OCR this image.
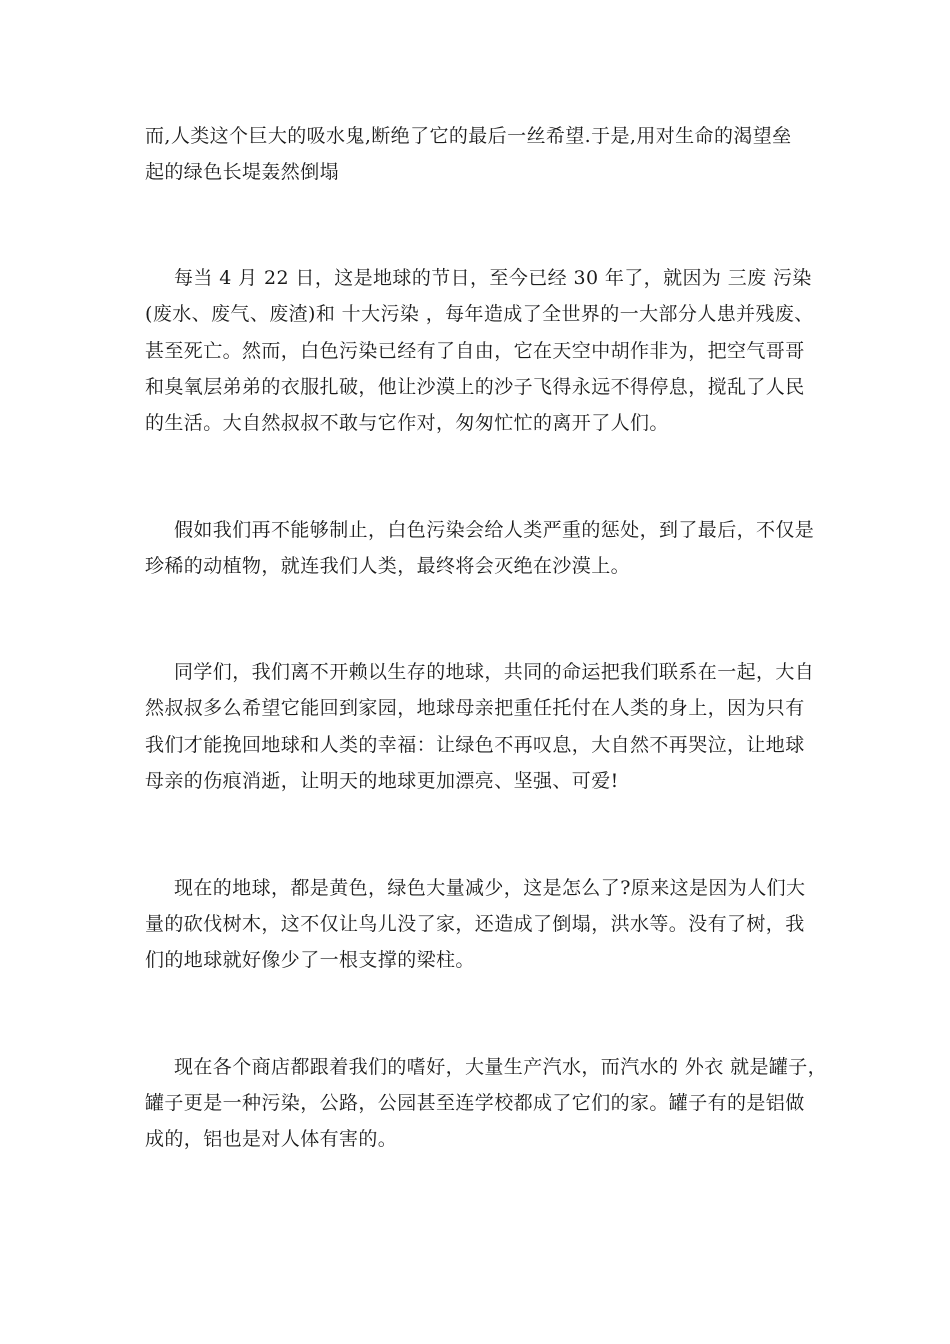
而,人类这个巨大的吸水鬼,断绝了它的最后一丝希望.于是,用对生命的渴望垒
起的绿色长堤轰然倒塌
每当 4 月 22 日，这是地球的节日，至今已经 30 年了，就因为 三废 污染
(废水、废气、废渣)和 十大污染 ，每年造成了全世界的一大部分人患并残废、
甚至死亡。然而，白色污染已经有了自由，它在天空中胡作非为，把空气哥哥
和臭氧层弟弟的衣服扎破，他让沙漠上的沙子飞得永远不得停息，搅乱了人民
的生活。大自然叔叔不敢与它作对，匆匆忙忙的离开了人们。
假如我们再不能够制止，白色污染会给人类严重的惩处，到了最后，不仅是
珍稀的动植物，就连我们人类，最终将会灭绝在沙漠上。
同学们，我们离不开赖以生存的地球，共同的命运把我们联系在一起，大自
然叔叔多么希望它能回到家园，地球母亲把重任托付在人类的身上，因为只有
我们才能挽回地球和人类的幸福：让绿色不再叹息，大自然不再哭泣，让地球
母亲的伤痕消逝，让明天的地球更加漂亮、坚强、可爱!
现在的地球，都是黄色，绿色大量减少，这是怎么了?原来这是因为人们大
量的砍伐树木，这不仅让鸟儿没了家，还造成了倒塌，洪水等。没有了树，我
们的地球就好像少了一根支撑的梁柱。
现在各个商店都跟着我们的嗜好，大量生产汽水，而汽水的 外衣 就是罐子，
罐子更是一种污染，公路，公园甚至连学校都成了它们的家。罐子有的是铝做
成的，铝也是对人体有害的。
